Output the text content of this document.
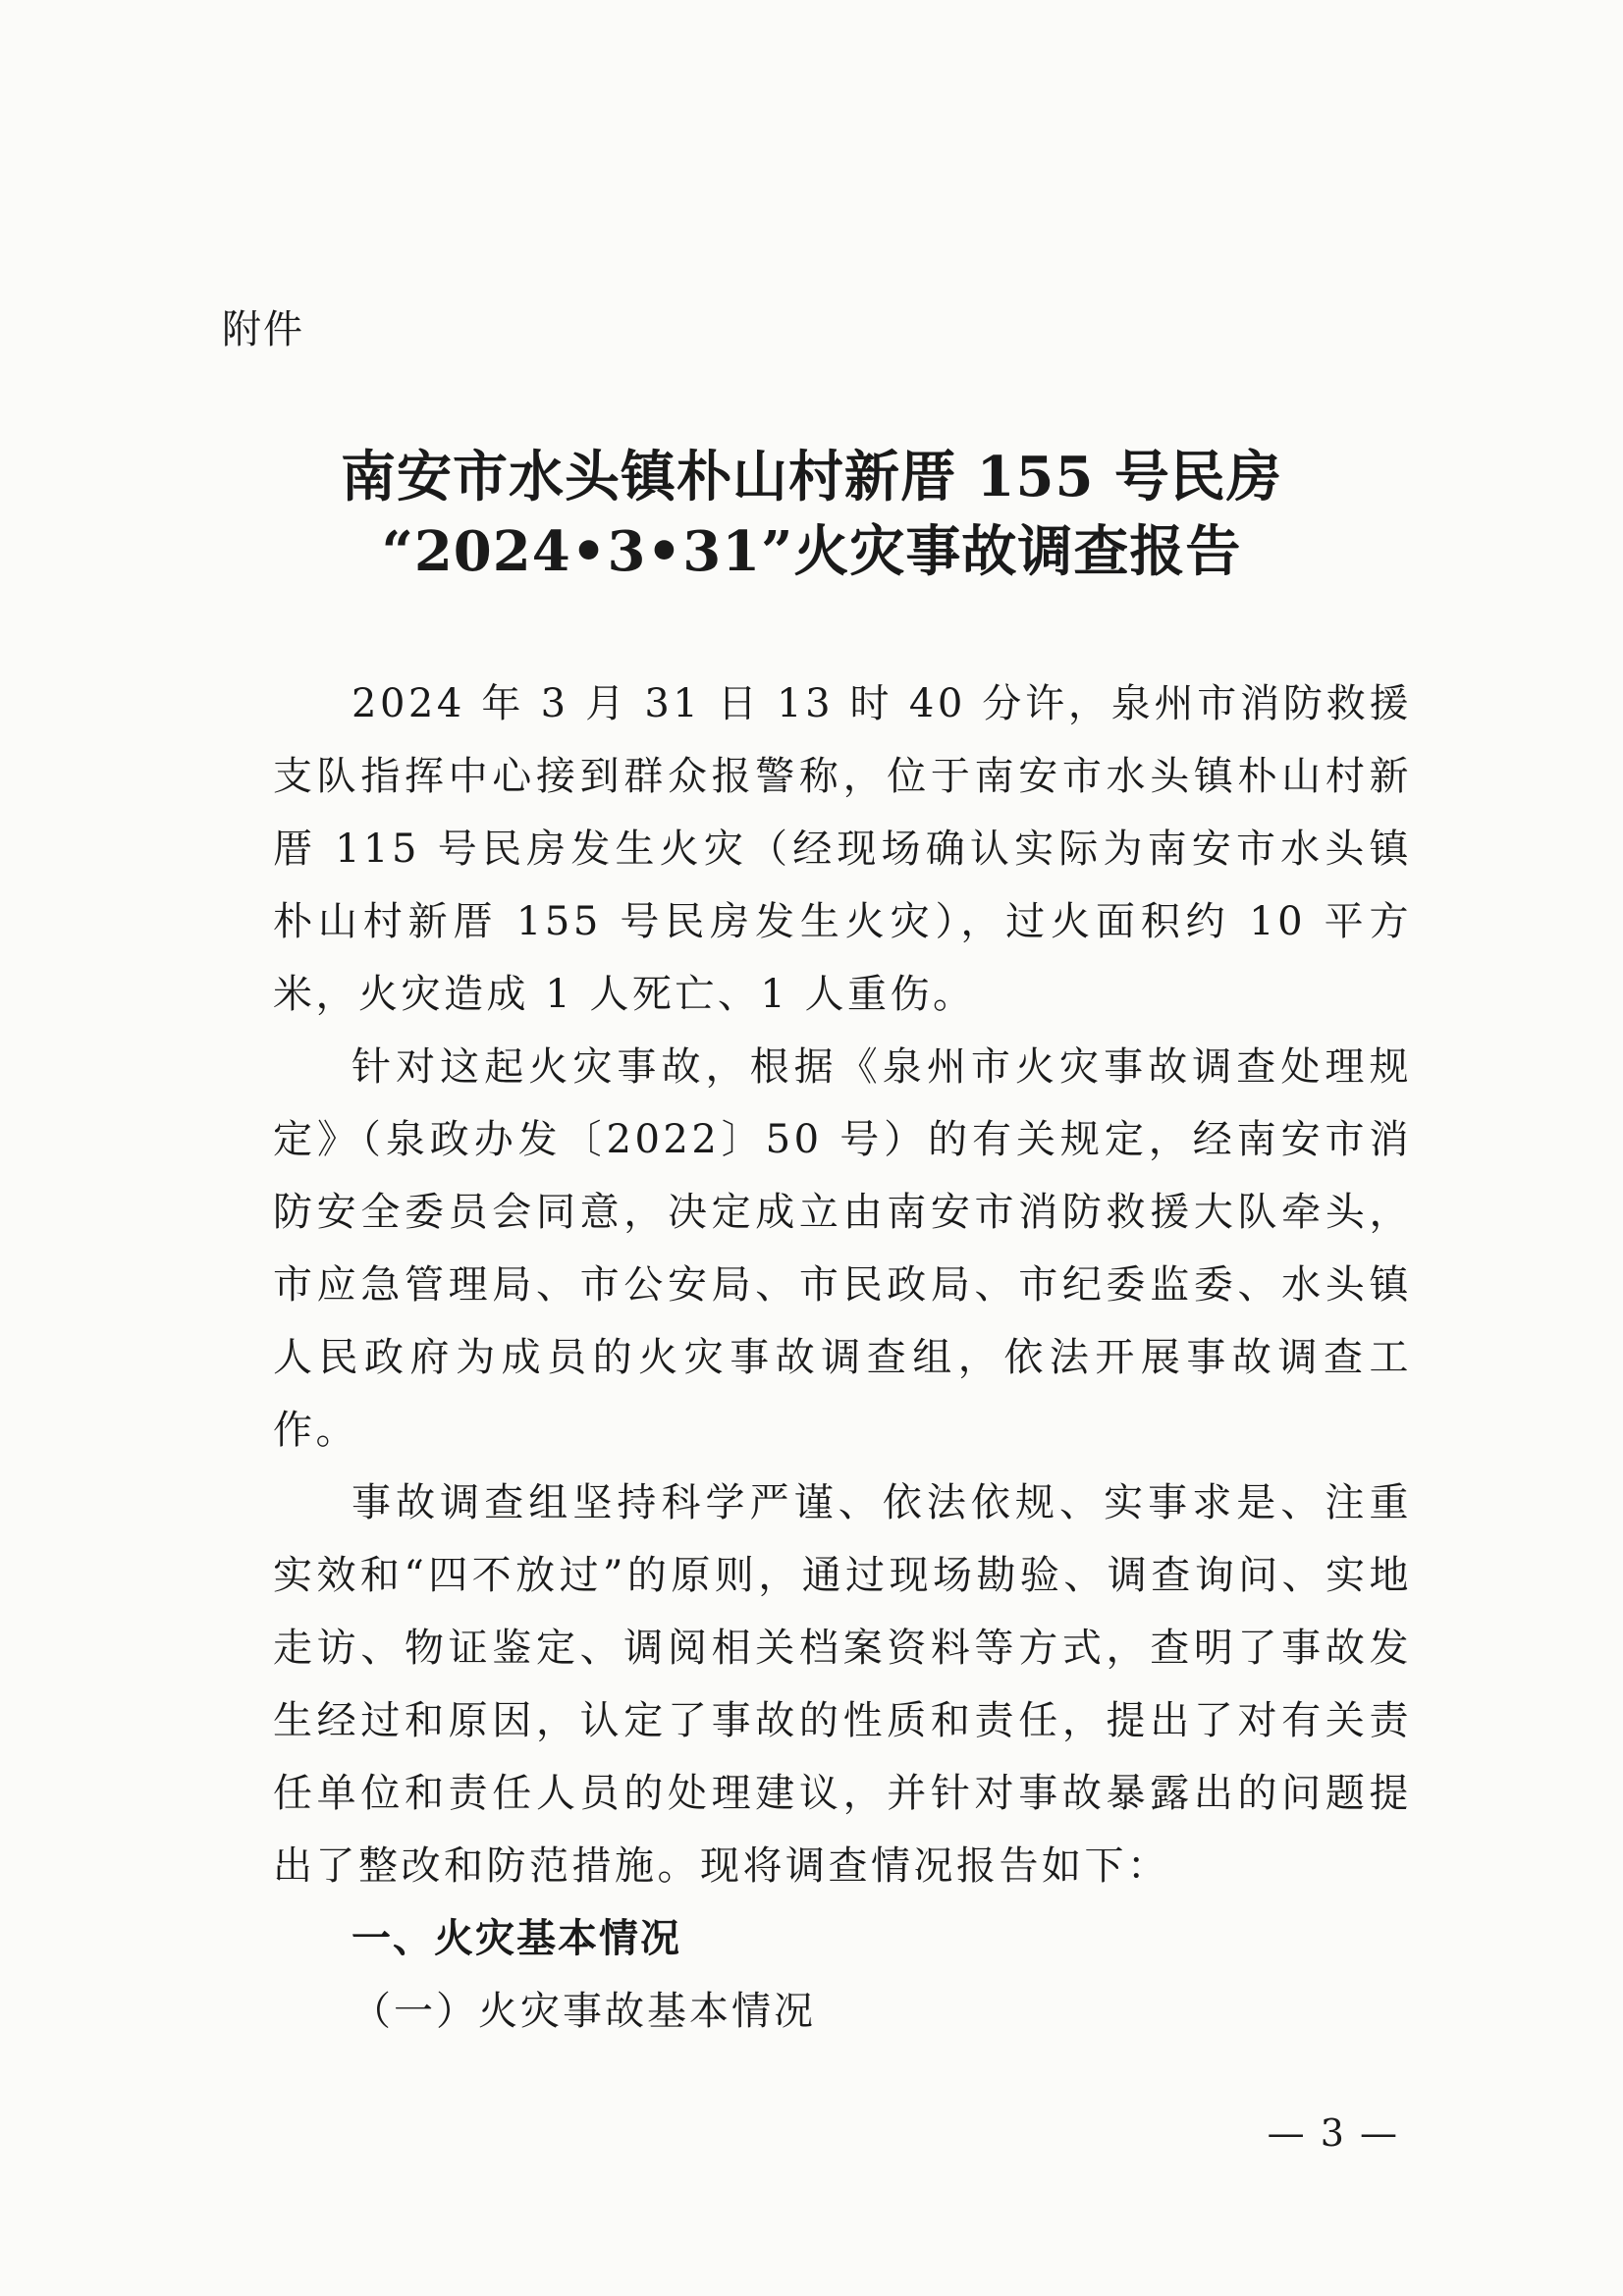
附件
南安市水头镇朴山村新厝 155 号民房
“2024•3•31”火灾事故调查报告

2024 年 3 月 31 日 13 时 40 分许，泉州市消防救援支队指挥中心接到群众报警称，位于南安市水头镇朴山村新厝 115 号民房发生火灾（经现场确认实际为南安市水头镇朴山村新厝 155 号民房发生火灾），过火面积约 10 平方米，火灾造成 1 人死亡、1 人重伤。

针对这起火灾事故，根据《泉州市火灾事故调查处理规定》（泉政办发〔2022〕50 号）的有关规定，经南安市消防安全委员会同意，决定成立由南安市消防救援大队牵头，市应急管理局、市公安局、市民政局、市纪委监委、水头镇人民政府为成员的火灾事故调查组，依法开展事故调查工作。

事故调查组坚持科学严谨、依法依规、实事求是、注重实效和“四不放过”的原则，通过现场勘验、调查询问、实地走访、物证鉴定、调阅相关档案资料等方式，查明了事故发生经过和原因，认定了事故的性质和责任，提出了对有关责任单位和责任人员的处理建议，并针对事故暴露出的问题提出了整改和防范措施。现将调查情况报告如下：

一、火灾基本情况

（一）火灾事故基本情况

— 3 —
